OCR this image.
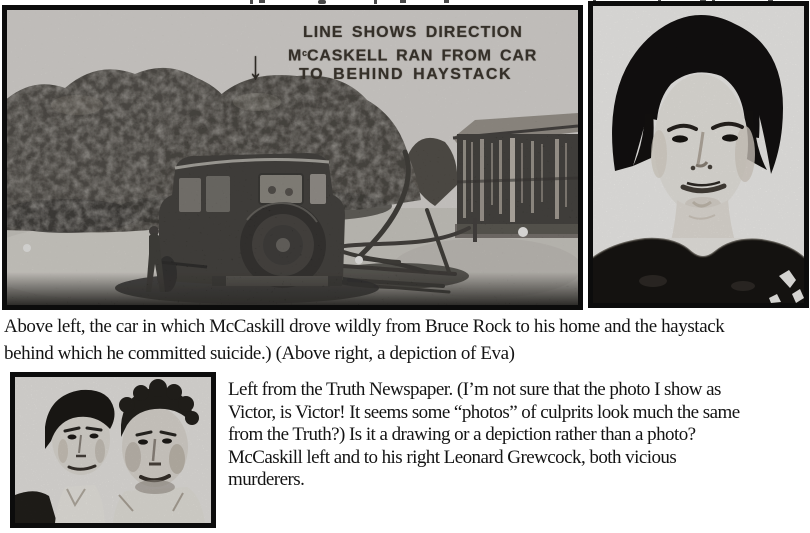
LINE SHOWS DIRECTION
$M^cCASKELL$ RAN FROM CAR
TO BEHIND HAYSTACK
↓
Above left, the car in which McCaskill drove wildly from Bruce Rock to his home and the haystack
behind which he committed suicide.) (Above right, a depiction of Eva)
Left from the Truth Newspaper. (I’m not sure that the photo I show as
Victor, is Victor! It seems some “photos” of culprits look much the same
from the Truth?) Is it a drawing or a depiction rather than a photo?
McCaskill left and to his right Leonard Grewcock, both vicious
murderers.
